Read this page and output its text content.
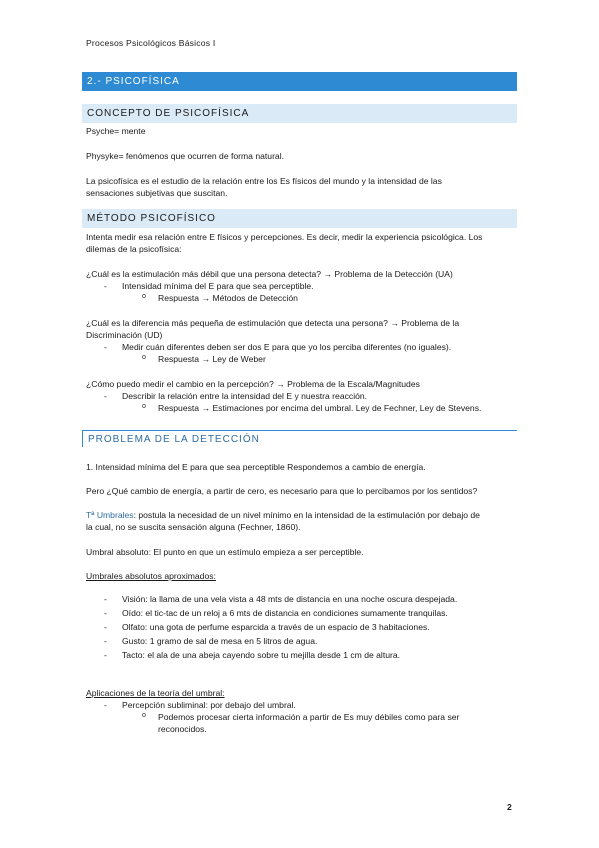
Procesos Psicológicos Básicos I
2.- PSICOFÍSICA
CONCEPTO DE PSICOFÍSICA
Psyche= mente
Physyke= fenómenos que ocurren de forma natural.
La psicofísica es el estudio de la relación entre los Es físicos del mundo y la intensidad de las
sensaciones subjetivas que suscitan.
MÉTODO PSICOFÍSICO
Intenta medir esa relación entre E físicos y percepciones. Es decir, medir la experiencia psicológica. Los
dilemas de la psicofísica:
¿Cuál es la estimulación más débil que una persona detecta? → Problema de la Detección (UA)
- Intensidad mínima del E para que sea perceptible.
o Respuesta → Métodos de Detección
¿Cuál es la diferencia más pequeña de estimulación que detecta una persona? → Problema de la
Discriminación (UD)
- Medir cuán diferentes deben ser dos E para que yo los perciba diferentes (no iguales).
o Respuesta → Ley de Weber
¿Cómo puedo medir el cambio en la percepción? → Problema de la Escala/Magnitudes
- Describir la relación entre la intensidad del E y nuestra reacción.
o Respuesta → Estimaciones por encima del umbral. Ley de Fechner, Ley de Stevens.
PROBLEMA DE LA DETECCIÓN
1. Intensidad mínima del E para que sea perceptible Respondemos a cambio de energía.
Pero ¿Qué cambio de energía, a partir de cero, es necesario para que lo percibamos por los sentidos?
Tª Umbrales: postula la necesidad de un nivel mínimo en la intensidad de la estimulación por debajo de
la cual, no se suscita sensación alguna (Fechner, 1860).
Umbral absoluto: El punto en que un estímulo empieza a ser perceptible.
Umbrales absolutos aproximados:
- Visión: la llama de una vela vista a 48 mts de distancia en una noche oscura despejada.
- Oído: el tic-tac de un reloj a 6 mts de distancia en condiciones sumamente tranquilas.
- Olfato: una gota de perfume esparcida a través de un espacio de 3 habitaciones.
- Gusto: 1 gramo de sal de mesa en 5 litros de agua.
- Tacto: el ala de una abeja cayendo sobre tu mejilla desde 1 cm de altura.
Aplicaciones de la teoría del umbral:
- Percepción subliminal: por debajo del umbral.
o Podemos procesar cierta información a partir de Es muy débiles como para ser
reconocidos.
2
